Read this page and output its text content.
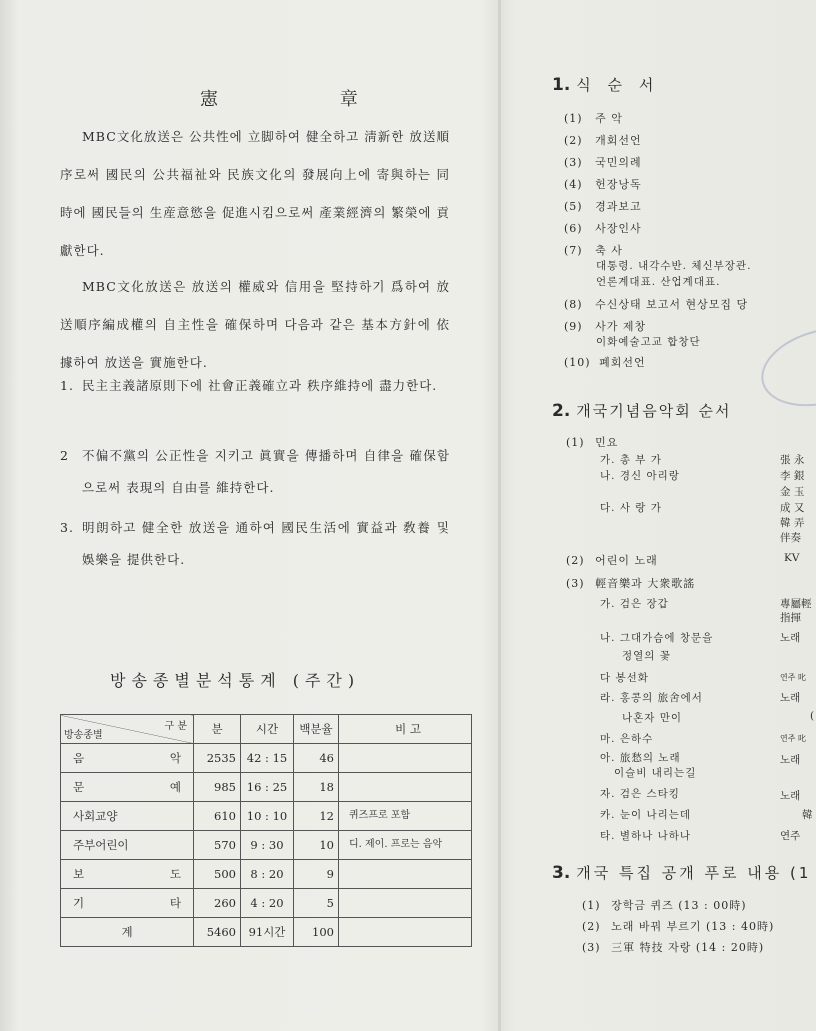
憲 章
MBC文化放送은 公共性에 立脚하여 健全하고 淸新한 放送順序로써 國民의 公共福祉와 民族文化의 發展向上에 寄與하는 同時에 國民들의 生産意慾을 促進시킴으로써 產業經濟의 繁榮에 貢獻한다.
MBC文化放送은 放送의 權威와 信用을 堅持하기 爲하여 放送順序編成權의 自主性을 確保하며 다음과 같은 基本方針에 依據하여 放送을 實施한다.
1. 民主主義諸原則下에 社會正義確立과 秩序維持에 盡力한다.
2	不偏不黨의 公正性을 지키고 眞實을 傳播하며 自律을 確保함으로써 表現의 自由를 維持한다.
3. 明朗하고 健全한 放送을 通하여 國民生活에 實益과 敎養 및 娛樂을 提供한다.
방송종별분석통계 (주간)
구 분
방송종별	분	시간	백분율	비 고
음 악	2535	42 : 15	46	
문 예	985	16 : 25	18	
사회교양	610	10 : 10	12	퀴즈프로 포함
주부어린이	570	9 : 30	10	디. 제이. 프로는 음악
보 도	500	8 : 20	9	
기 타	260	4 : 20	5	
계	5460	91시간	100	
1. 식 순 서
(1) 주 악
(2) 개회선언
(3) 국민의례
(4) 헌장낭독
(5) 경과보고
(6) 사장인사
(7) 축 사
대통령. 내각수반. 체신부장관.
언론계대표. 산업계대표.
(8) 수신상태 보고서 현상모집 당
(9) 사가 제창
이화예술고교 합창단
(10) 폐회선언
2. 개국기념음악회 순서
(1) 민요
가. 총 부 가	張 永
나. 경신 아리랑	李 銀
金 玉
다. 사 랑 가	成 又
韓 弄
伴奏
(2) 어린이 노래	KV
(3) 輕音樂과 大衆歌謠
가. 검은 장갑	專屬輕
指揮
나. 그대가슴에 창문을	노래
정열의 꽃
다 봉선화	연주 叱
라. 홍콩의 旅舍에서	노래
나혼자 만이	(
마. 은하수	연주 叱
아. 旅愁의 노래	노래
이슬비 내리는길
자. 검은 스타킹	노래
카. 눈이 나리는데	韓
타. 별하나 나하나	연주
3. 개국 특집 공개 푸로 내용 (1
(1) 장학금 퀴즈 (13 : 00時)
(2) 노래 바꿔 부르기 (13 : 40時)
(3) 三軍 特技 자랑 (14 : 20時)
